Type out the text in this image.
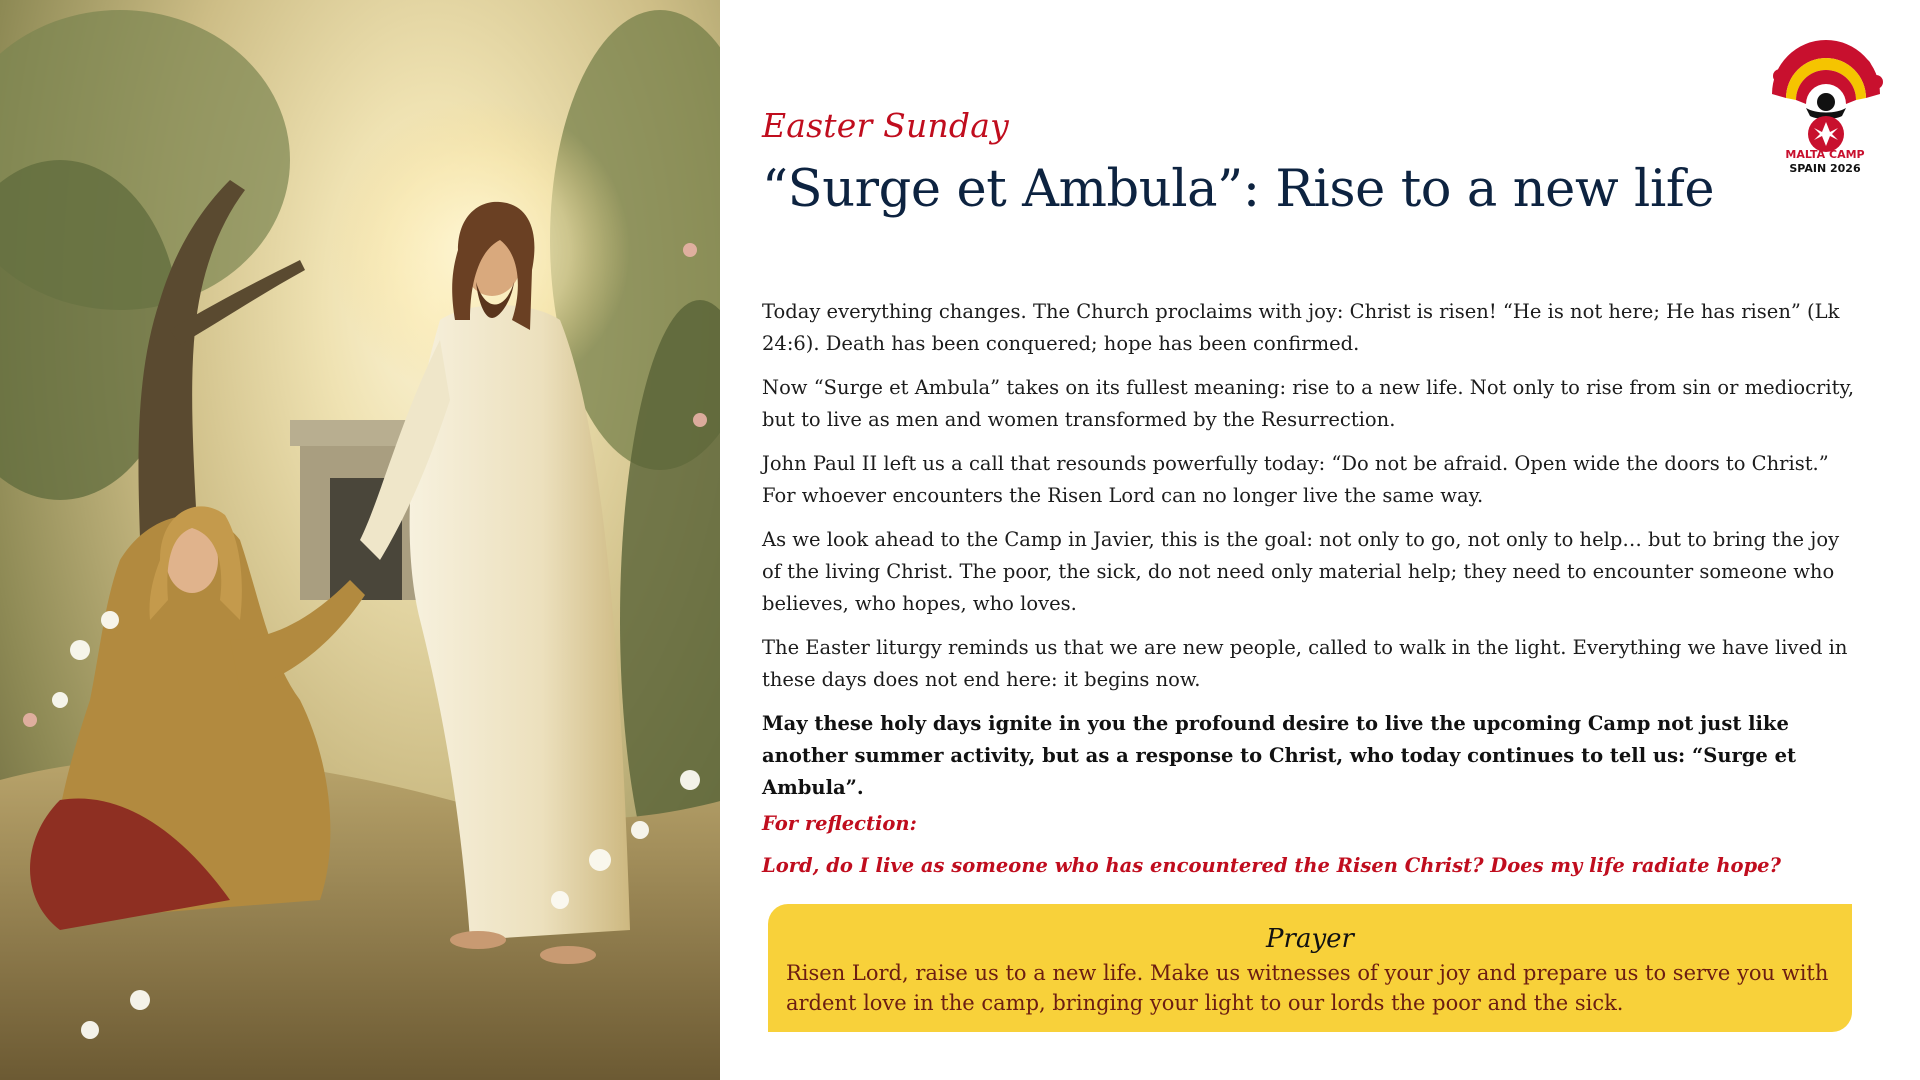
MALTA CAMP
SPAIN 2026
Easter Sunday
“Surge et Ambula”: Rise to a new life

Today everything changes. The Church proclaims with joy: Christ is risen! “He is not here; He has risen” (Lk 24:6). Death has been conquered; hope has been confirmed.

Now “Surge et Ambula” takes on its fullest meaning: rise to a new life. Not only to rise from sin or mediocrity, but to live as men and women transformed by the Resurrection.

John Paul II left us a call that resounds powerfully today: “Do not be afraid. Open wide the doors to Christ.” For whoever encounters the Risen Lord can no longer live the same way.

As we look ahead to the Camp in Javier, this is the goal: not only to go, not only to help… but to bring the joy of the living Christ. The poor, the sick, do not need only material help; they need to encounter someone who believes, who hopes, who loves.

The Easter liturgy reminds us that we are new people, called to walk in the light. Everything we have lived in these days does not end here: it begins now.

May these holy days ignite in you the profound desire to live the upcoming Camp not just like another summer activity, but as a response to Christ, who today continues to tell us: “Surge et Ambula”.

For reflection:

Lord, do I live as someone who has encountered the Risen Christ? Does my life radiate hope?

Prayer
Risen Lord, raise us to a new life. Make us witnesses of your joy and prepare us to serve you with ardent love in the camp, bringing your light to our lords the poor and the sick.
